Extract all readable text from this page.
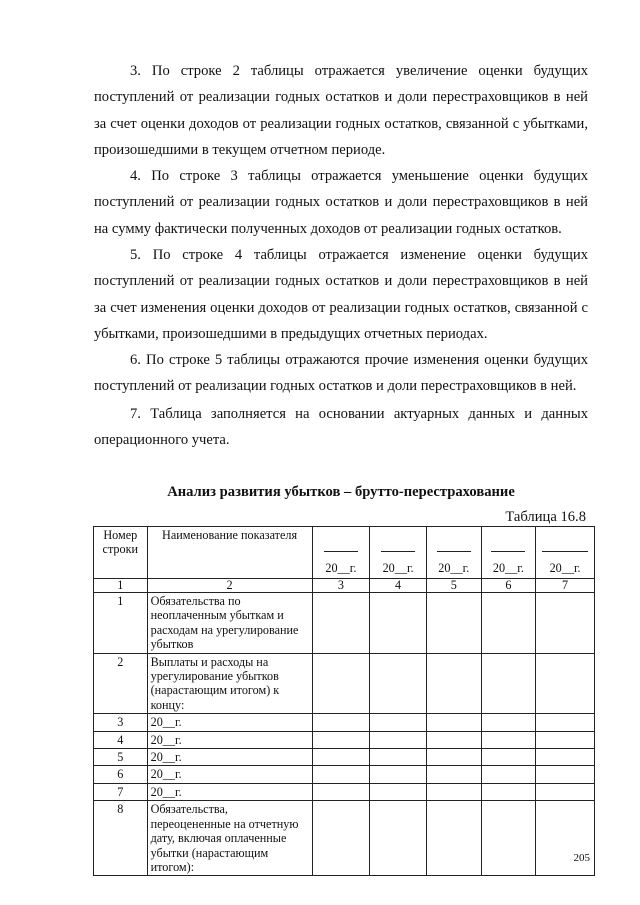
3. По строке 2 таблицы отражается увеличение оценки будущих поступлений от реализации годных остатков и доли перестраховщиков в ней за счет оценки доходов от реализации годных остатков, связанной с убытками, произошедшими в текущем отчетном периоде.

4. По строке 3 таблицы отражается уменьшение оценки будущих поступлений от реализации годных остатков и доли перестраховщиков в ней на сумму фактически полученных доходов от реализации годных остатков.

5. По строке 4 таблицы отражается изменение оценки будущих поступлений от реализации годных остатков и доли перестраховщиков в ней за счет изменения оценки доходов от реализации годных остатков, связанной с убытками, произошедшими в предыдущих отчетных периодах.

6. По строке 5 таблицы отражаются прочие изменения оценки будущих поступлений от реализации годных остатков и доли перестраховщиков в ней.

7. Таблица заполняется на основании актуарных данных и данных операционного учета.

Анализ развития убытков – брутто-перестрахование

Таблица 16.8

Номер строки	Наименование показателя	20__г.	20__г.	20__г.	20__г.	20__г.
1	2	3	4	5	6	7
1	Обязательства по неоплаченным убыткам и расходам на урегулирование убытков					
2	Выплаты и расходы на урегулирование убытков (нарастающим итогом) к концу:					
3	20__г.					
4	20__г.					
5	20__г.					
6	20__г.					
7	20__г.					
8	Обязательства, переоцененные на отчетную дату, включая оплаченные убытки (нарастающим итогом):					

205
